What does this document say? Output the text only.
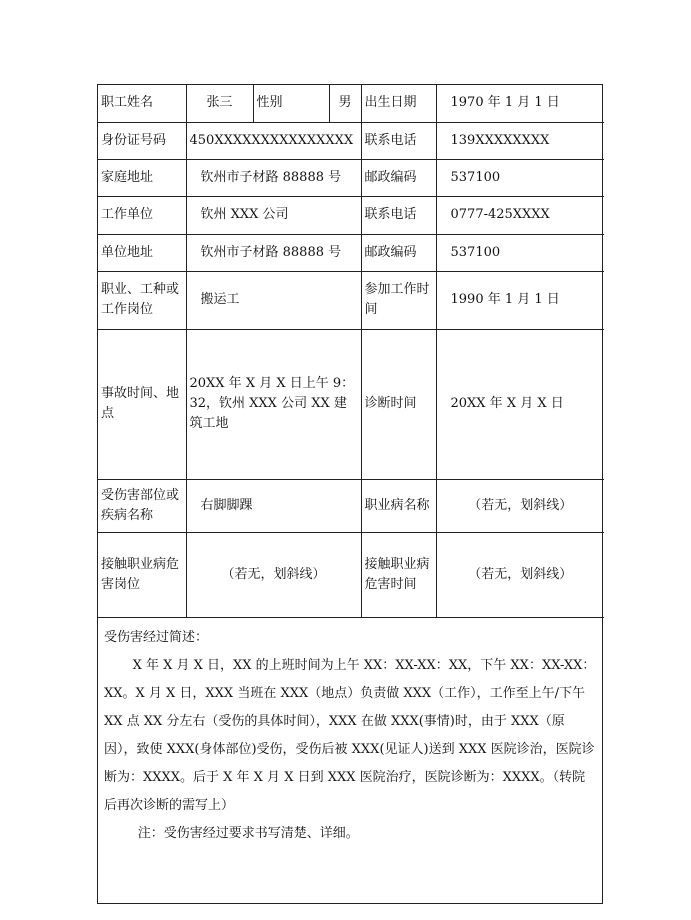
职工姓名	张三	性别	男	出生日期	1970 年 1 月 1 日
身份证号码	450XXXXXXXXXXXXXXX			联系电话	139XXXXXXXX
家庭地址	钦州市子材路 88888 号			邮政编码	537100
工作单位	钦州 XXX 公司			联系电话	0777-425XXXX
单位地址	钦州市子材路 88888 号			邮政编码	537100
职业、工种或工作岗位	搬运工			参加工作时间	1990 年 1 月 1 日
事故时间、地点	20XX 年 X 月 X 日上午 9：32，钦州 XXX 公司 XX 建筑工地			诊断时间	20XX 年 X 月 X 日
受伤害部位或疾病名称	右脚脚踝			职业病名称	（若无，划斜线）
接触职业病危害岗位	（若无，划斜线）			接触职业病危害时间	（若无，划斜线）

受伤害经过简述：

X 年 X 月 X 日，XX 的上班时间为上午 XX：XX-XX：XX，下午 XX：XX-XX：XX。X 月 X 日，XXX 当班在 XXX（地点）负责做 XXX（工作），工作至上午/下午 XX 点 XX 分左右（受伤的具体时间），XXX 在做 XXX(事情)时，由于 XXX（原因），致使 XXX(身体部位)受伤，受伤后被 XXX(见证人)送到 XXX 医院诊治，医院诊断为：XXXX。后于 X 年 X 月 X 日到 XXX 医院治疗，医院诊断为：XXXX。（转院后再次诊断的需写上）

注：受伤害经过要求书写清楚、详细。
